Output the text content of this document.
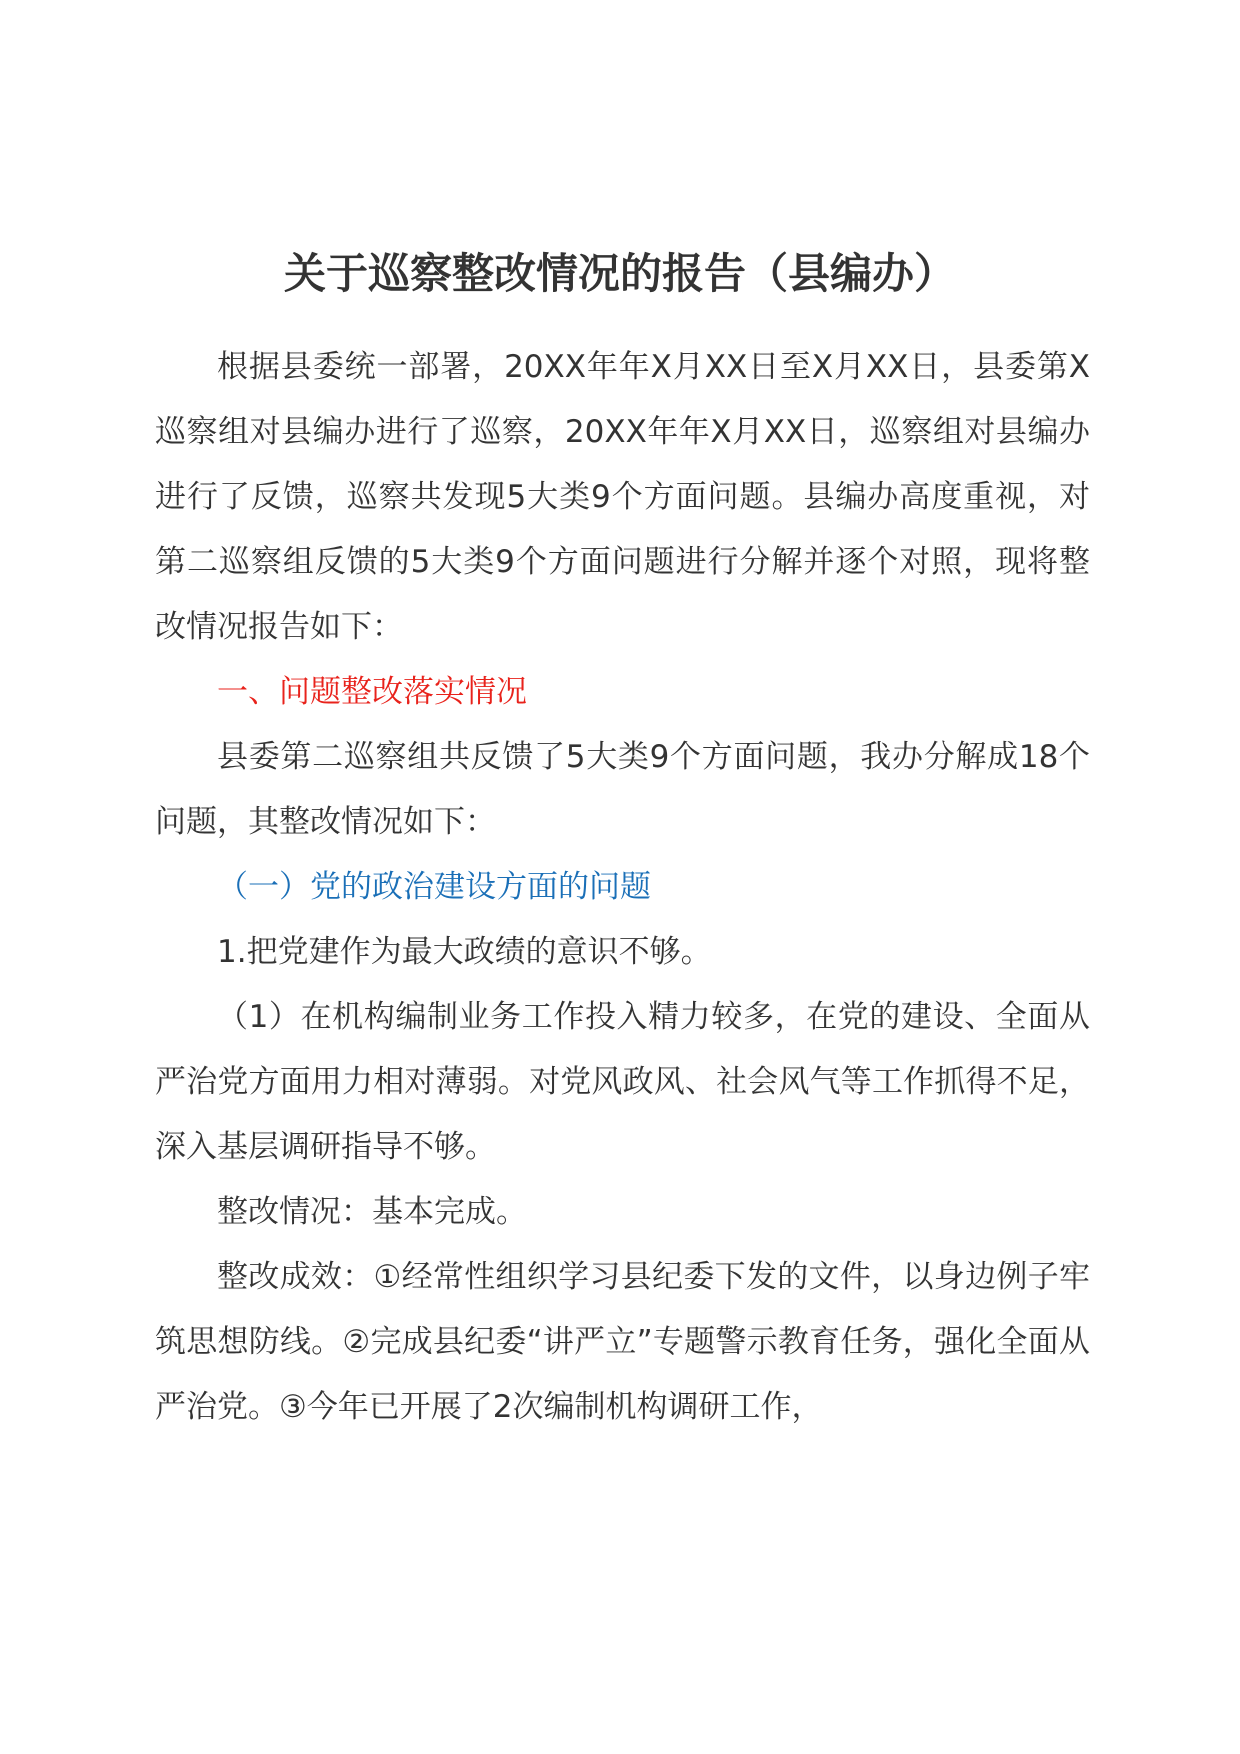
关于巡察整改情况的报告（县编办）

根据县委统一部署，20XX年年X月XX日至X月XX日，县委第X巡察组对县编办进行了巡察，20XX年年X月XX日，巡察组对县编办进行了反馈，巡察共发现5大类9个方面问题。县编办高度重视，对第二巡察组反馈的5大类9个方面问题进行分解并逐个对照，现将整改情况报告如下：

一、问题整改落实情况

县委第二巡察组共反馈了5大类9个方面问题，我办分解成18个问题，其整改情况如下：

（一）党的政治建设方面的问题

1.把党建作为最大政绩的意识不够。

（1）在机构编制业务工作投入精力较多，在党的建设、全面从严治党方面用力相对薄弱。对党风政风、社会风气等工作抓得不足，深入基层调研指导不够。

整改情况：基本完成。

整改成效：①经常性组织学习县纪委下发的文件，以身边例子牢筑思想防线。②完成县纪委“讲严立”专题警示教育任务，强化全面从严治党。③今年已开展了2次编制机构调研工作，
